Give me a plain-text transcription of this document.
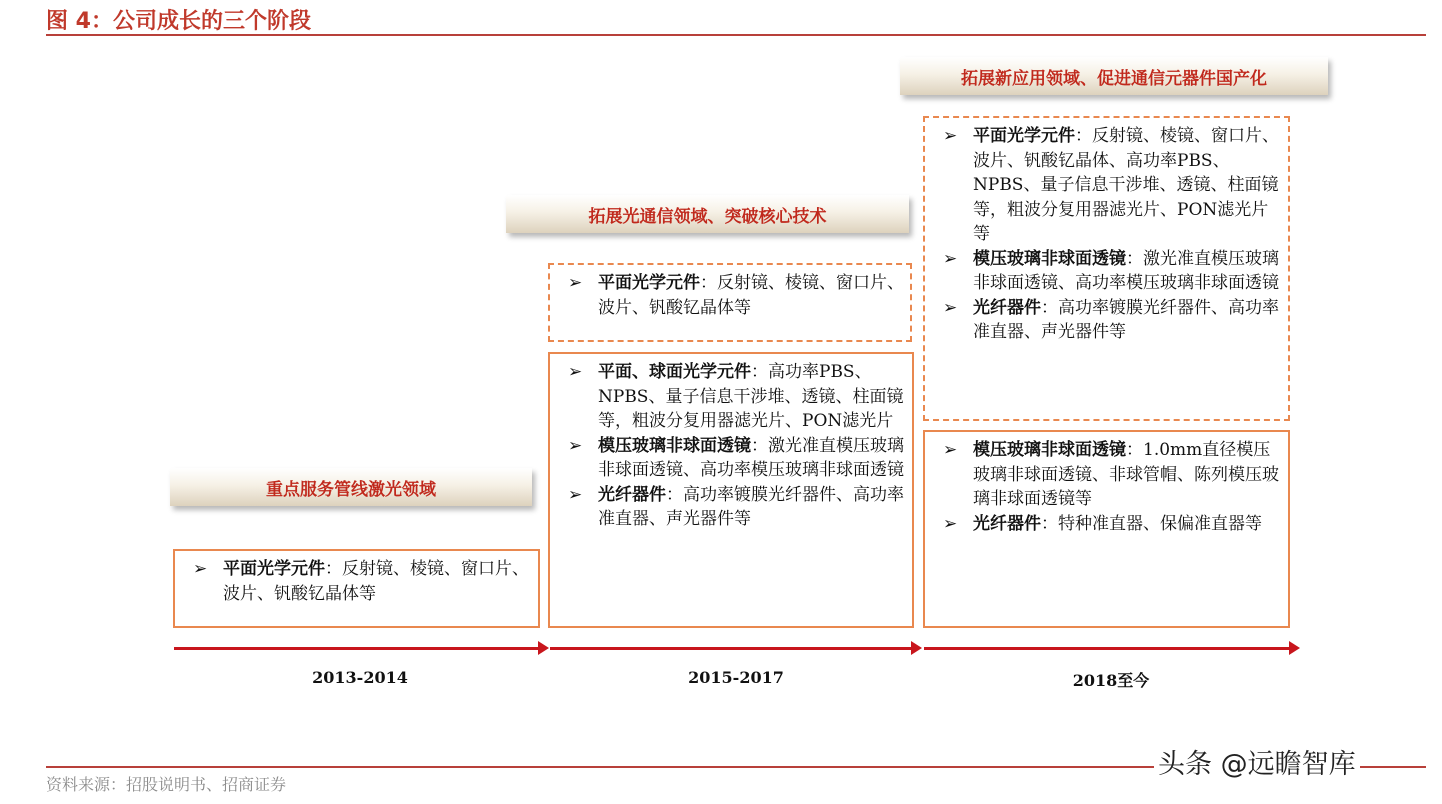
图 4：公司成长的三个阶段
重点服务管线激光领域
➢ 平面光学元件：反射镜、棱镜、窗口片、波片、钒酸钇晶体等
拓展光通信领域、突破核心技术
➢ 平面光学元件：反射镜、棱镜、窗口片、波片、钒酸钇晶体等
➢ 平面、球面光学元件：高功率PBS、NPBS、量子信息干涉堆、透镜、柱面镜等，粗波分复用器滤光片、PON滤光片
➢ 模压玻璃非球面透镜：激光准直模压玻璃非球面透镜、高功率模压玻璃非球面透镜
➢ 光纤器件：高功率镀膜光纤器件、高功率准直器、声光器件等
拓展新应用领域、促进通信元器件国产化
➢ 平面光学元件：反射镜、棱镜、窗口片、波片、钒酸钇晶体、高功率PBS、NPBS、量子信息干涉堆、透镜、柱面镜等，粗波分复用器滤光片、PON滤光片等
➢ 模压玻璃非球面透镜：激光准直模压玻璃非球面透镜、高功率模压玻璃非球面透镜
➢ 光纤器件：高功率镀膜光纤器件、高功率准直器、声光器件等
➢ 模压玻璃非球面透镜：1.0mm直径模压玻璃非球面透镜、非球管帽、陈列模压玻璃非球面透镜等
➢ 光纤器件：特种准直器、保偏准直器等
2013-2014	2015-2017	2018至今
资料来源：招股说明书、招商证券
头条 @远瞻智库
